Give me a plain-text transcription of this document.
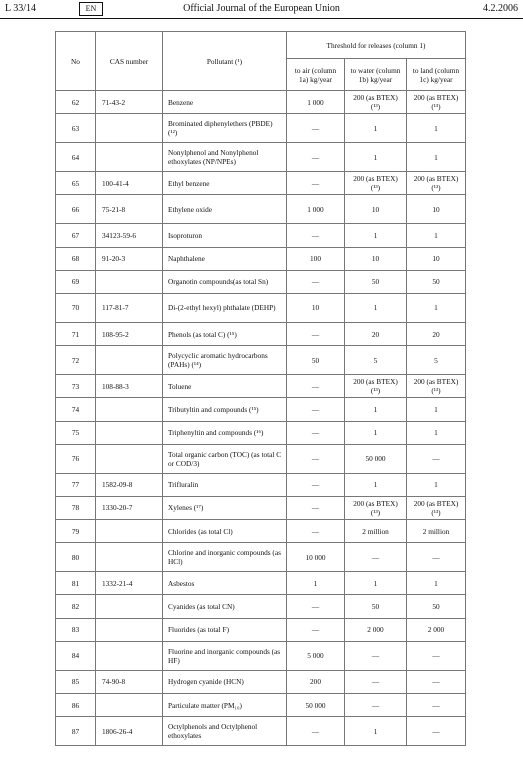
L 33/14	EN	Official Journal of the European Union	4.2.2006
No	CAS number	Pollutant (¹)	Threshold for releases (column 1)		
			to air (column 1a) kg/year	to water (column 1b) kg/year	to land (column 1c) kg/year
62	71-43-2	Benzene	1 000	200 (as BTEX) (¹³)	200 (as BTEX) (¹³)
63		Brominated diphenylethers (PBDE) (¹²)	—	1	1
64		Nonylphenol and Nonylphenol ethoxylates (NP/NPEs)	—	1	1
65	100-41-4	Ethyl benzene	—	200 (as BTEX) (¹³)	200 (as BTEX) (¹³)
66	75-21-8	Ethylene oxide	1 000	10	10
67	34123-59-6	Isoproturon	—	1	1
68	91-20-3	Naphthalene	100	10	10
69		Organotin compounds(as total Sn)	—	50	50
70	117-81-7	Di-(2-ethyl hexyl) phthalate (DEHP)	10	1	1
71	108-95-2	Phenols (as total C) (¹⁵)	—	20	20
72		Polycyclic aromatic hydrocarbons (PAHs) (¹⁴)	50	5	5
73	108-88-3	Toluene	—	200 (as BTEX) (¹³)	200 (as BTEX) (¹³)
74		Tributyltin and compounds (¹⁵)	—	1	1
75		Triphenyltin and compounds (¹⁶)	—	1	1
76		Total organic carbon (TOC) (as total C or COD/3)	—	50 000	—
77	1582-09-8	Trifluralin	—	1	1
78	1330-20-7	Xylenes (¹⁷)	—	200 (as BTEX) (¹³)	200 (as BTEX) (¹³)
79		Chlorides (as total Cl)	—	2 million	2 million
80		Chlorine and inorganic compounds (as HCl)	10 000	—	—
81	1332-21-4	Asbestos	1	1	1
82		Cyanides (as total CN)	—	50	50
83		Fluorides (as total F)	—	2 000	2 000
84		Fluorine and inorganic compounds (as HF)	5 000	—	—
85	74-90-8	Hydrogen cyanide (HCN)	200	—	—
86		Particulate matter (PM₁₀)	50 000	—	—
87	1806-26-4	Octylphenols and Octylphenol ethoxylates	—	1	—
